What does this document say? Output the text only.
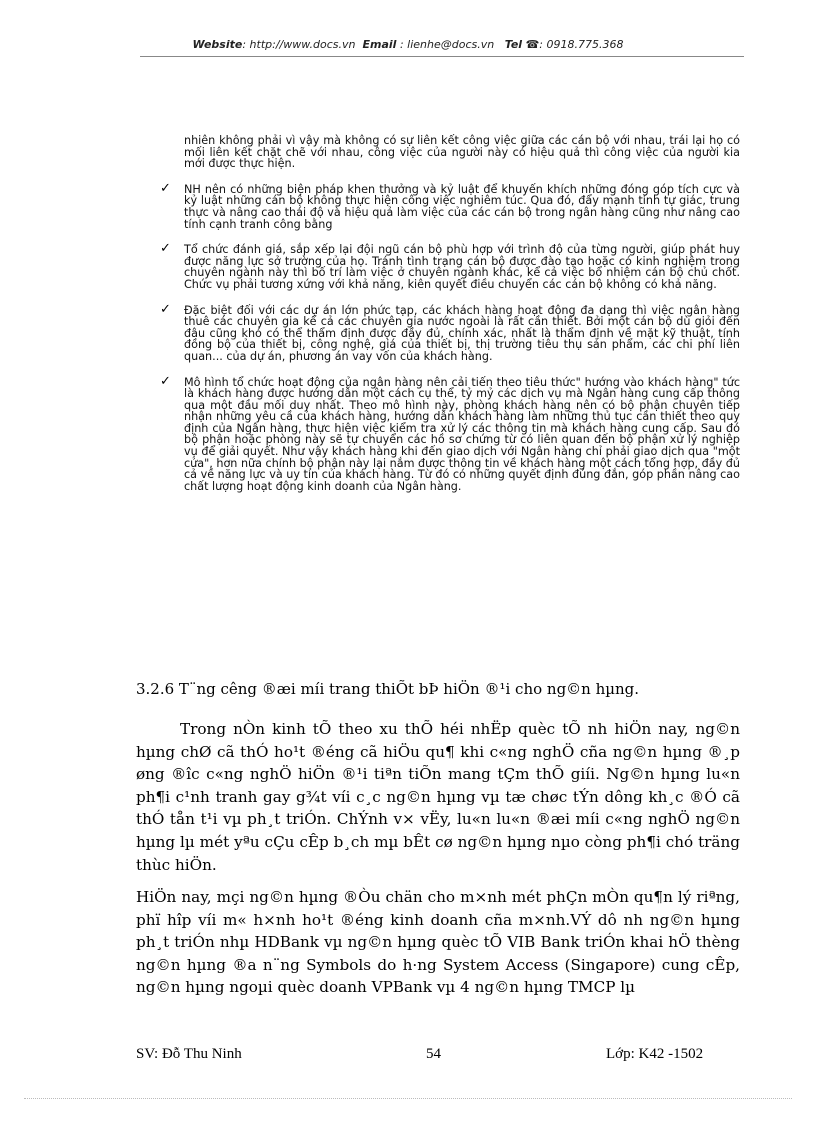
Website: http://www.docs.vn Email : lienhe@docs.vn Tel ☎: 0918.775.368
nhiên không phải vì vậy mà không có sự liên kết công việc giữa các cán bộ với nhau, trái lại họ có mối liên kết chặt chẽ với nhau, công việc của người này có hiệu quả thì công việc của người kia mới được thực hiện.
✓ NH nên có những biện pháp khen thưởng và kỷ luật để khuyến khích những đóng góp tích cực và kỷ luật những cán bộ không thực hiện công việc nghiêm túc. Qua đó, đẩy mạnh tính tự giác, trung thực và nâng cao thái độ và hiệu quả làm việc của các cán bộ trong ngân hàng cũng như nâng cao tính cạnh tranh công bằng
✓ Tổ chức đánh giá, sắp xếp lại đội ngũ cán bộ phù hợp với trình độ của từng người, giúp phát huy được năng lực sở trường của họ. Tránh tình trạng cán bộ được đào tạo hoặc có kinh nghiệm trong chuyên ngành này thì bố trí làm việc ở chuyên ngành khác, kể cả việc bổ nhiệm cán bộ chủ chốt. Chức vụ phải tương xứng với khả năng, kiên quyết điều chuyển các cán bộ không có khả năng.
✓ Đặc biệt đối với các dự án lớn phức tạp, các khách hàng hoạt động đa dạng thì việc ngân hàng thuê các chuyên gia kể cả các chuyên gia nước ngoài là rất cần thiết. Bởi một cán bộ dù giỏi đến đâu cũng khó có thể thẩm định được đầy đủ, chính xác, nhất là thẩm định về mặt kỹ thuật, tính đồng bộ của thiết bị, công nghệ, giá của thiết bị, thị trường tiêu thụ sản phẩm, các chi phí liên quan... của dự án, phương án vay vốn của khách hàng.
✓ Mô hình tổ chức hoạt động của ngân hàng nên cải tiến theo tiêu thức" hướng vào khách hàng" tức là khách hàng được hướng dẫn một cách cụ thể, tỷ mỷ các dịch vụ mà Ngân hàng cung cấp thông qua một đầu mối duy nhất. Theo mô hình này, phòng khách hàng nên có bộ phận chuyên tiếp nhận những yêu cầ của khách hàng, hướng dẫn khách hàng làm những thủ tục cần thiết theo quy định của Ngân hàng, thực hiện việc kiểm tra xử lý các thông tin mà khách hàng cung cấp. Sau đó bộ phận hoặc phòng này sẽ tự chuyển các hồ sơ chứng từ có liên quan đến bộ phận xử lý nghiệp vụ để giải quyết. Như vậy khách hàng khi đến giao dịch với Ngân hàng chỉ phải giao dịch qua "một cửa", hơn nữa chính bộ phận này lại nắm được thông tin về khách hàng một cách tổng hợp, đầy đủ cả về năng lực và uy tín của khách hàng. Từ đó có những quyết định đúng đắn, góp phần nâng cao chất lượng hoạt động kinh doanh của Ngân hàng.
3.2.6 T¨ng cêng ®æi míi trang thiÕt bÞ hiÖn ®¹i cho ng©n hµng.
Trong nÒn kinh tÕ theo xu thÕ héi nhËp quèc tÕ nh hiÖn nay, ng©n hµng chØ cã thÓ ho¹t ®éng cã hiÖu qu¶ khi c«ng nghÖ cña ng©n hµng ®¸p øng ®îc c«ng nghÖ hiÖn ®¹i tiªn tiÕn mang tÇm thÕ giíi. Ng©n hµng lu«n ph¶i c¹nh tranh gay g¾t víi c¸c ng©n hµng vµ tæ chøc tÝn dông kh¸c ®Ó cã thÓ tån t¹i vµ ph¸t triÓn. ChÝnh v× vËy, lu«n lu«n ®æi míi c«ng nghÖ ng©n hµng lµ mét yªu cÇu cÊp b¸ch mµ bÊt cø ng©n hµng nµo còng ph¶i chó träng thùc hiÖn.
HiÖn nay, mçi ng©n hµng ®Òu chän cho m×nh mét phÇn mÒn qu¶n lý riªng, phï hîp víi m« h×nh ho¹t ®éng kinh doanh cña m×nh.VÝ dô nh ng©n hµng ph¸t triÓn nhµ HDBank vµ ng©n hµng quèc tÕ VIB Bank triÓn khai hÖ thèng ng©n hµng ®a n¨ng Symbols do h·ng System Access (Singapore) cung cÊp, ng©n hµng ngoµi quèc doanh VPBank vµ 4 ng©n hµng TMCP lµ
SV: Đỗ Thu Ninh	54	Lớp: K42 -1502
